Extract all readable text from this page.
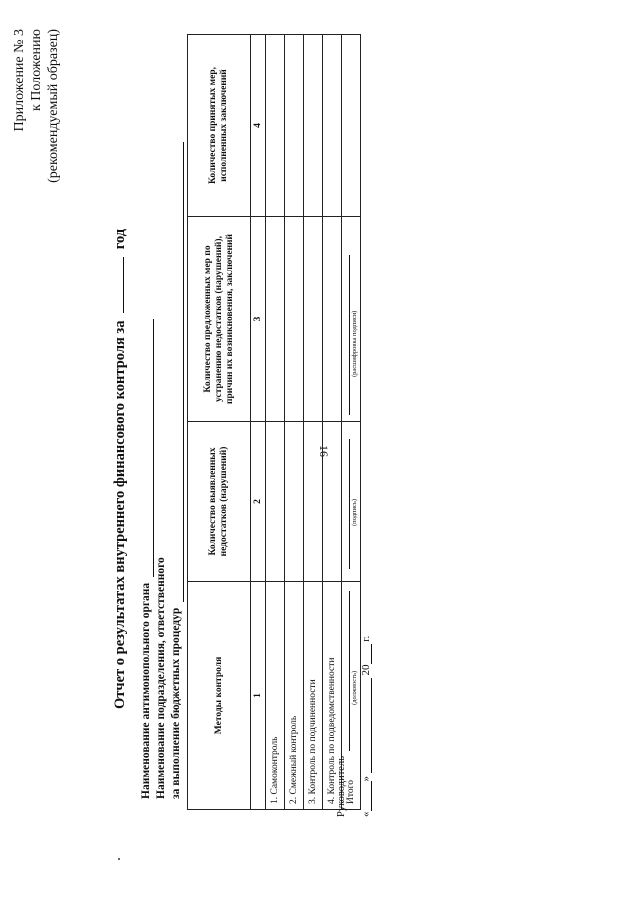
16
Приложение № 3 к Положению (рекомендуемый образец)
Отчет о результатах внутреннего финансового контроля за  год
Наименование антимонопольного органа Наименование подразделения, ответственного за выполнение бюджетных процедур	Методы контроля	Количество выявленных недостатков (нарушений)	Количество предложенных мер по устранению недостатков (нарушений), причин их возникновения, заключений	Количество принятых мер, исполненных заключений
1	2	3	4
1. Самоконтроль			
2. Смежный контроль			
3. Контроль по подчиненности			
4. Контроль по подведомственности			
Итого			
Руководитель
(должность)
(подпись)
(расшифровка подписи)
«»  20 г.
